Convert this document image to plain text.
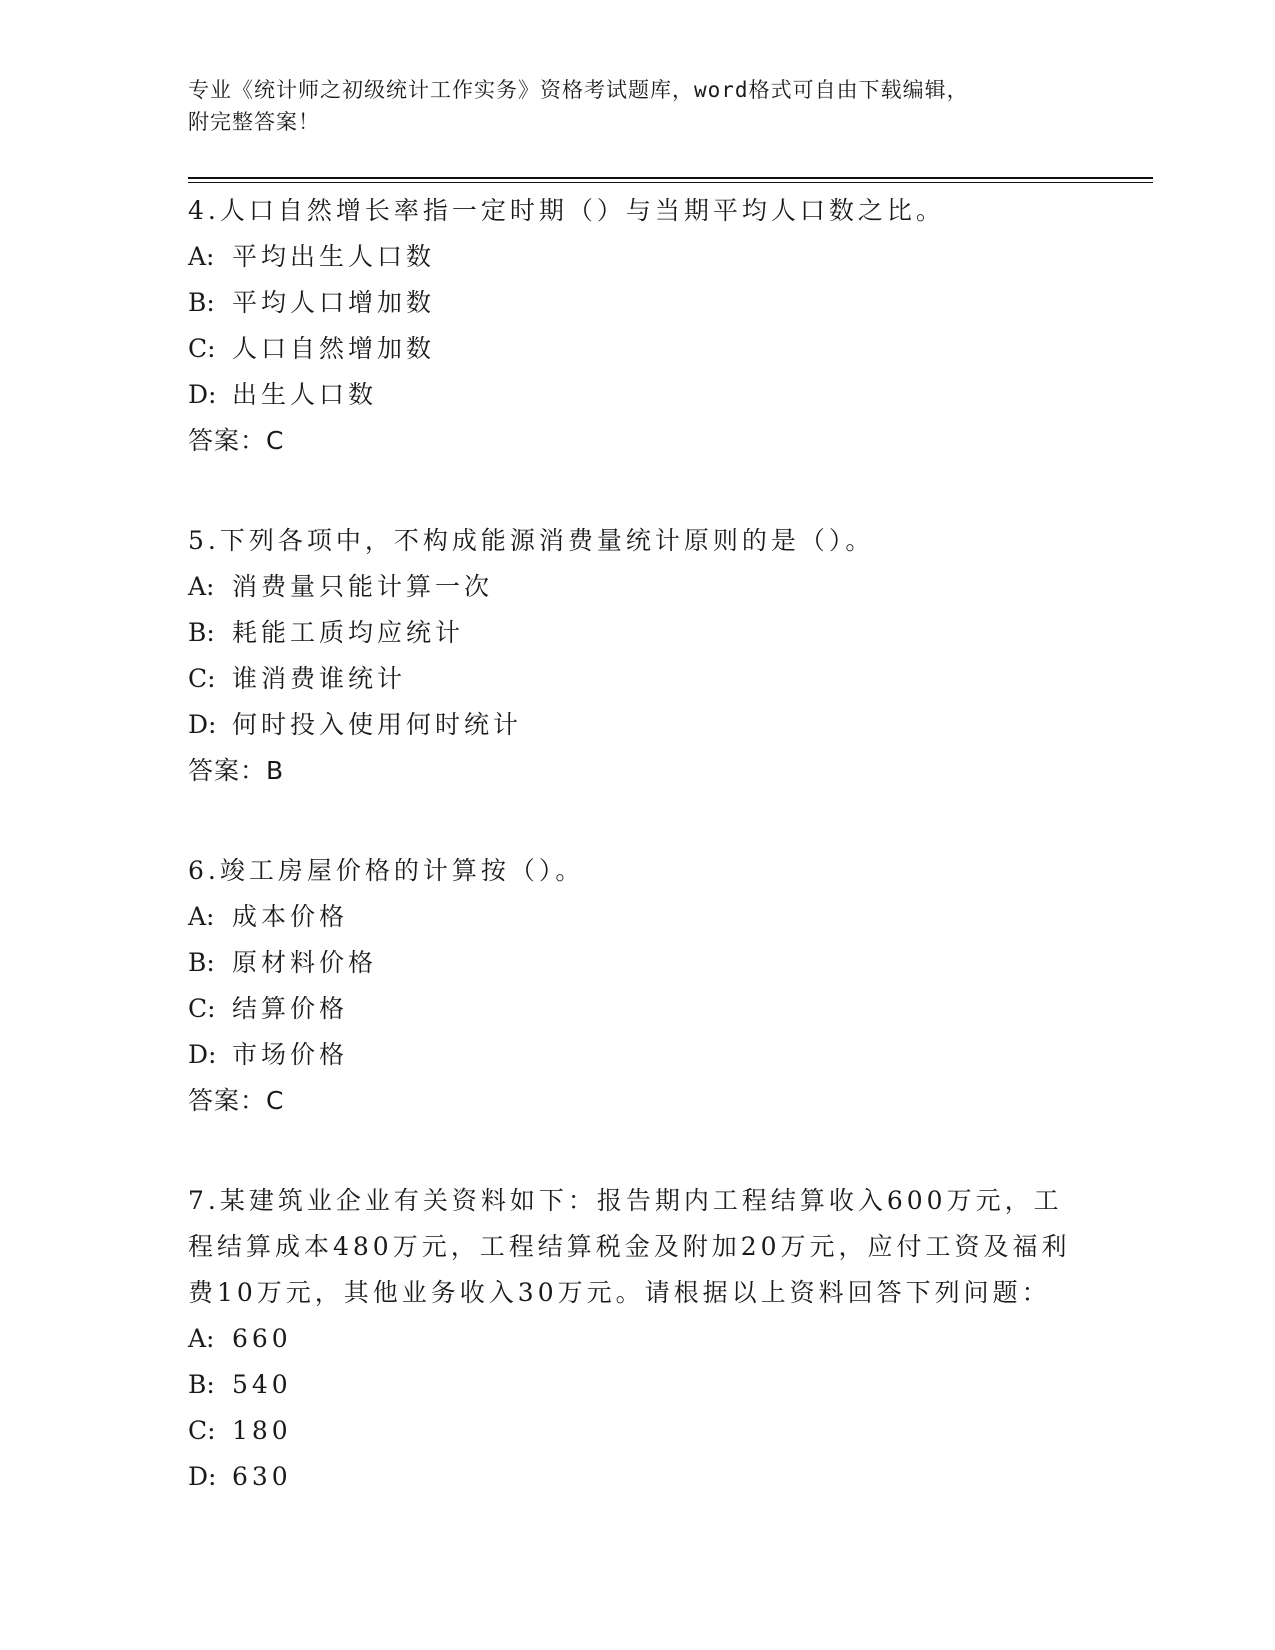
专业《统计师之初级统计工作实务》资格考试题库，word格式可自由下载编辑，
附完整答案！
4.人口自然增长率指一定时期（）与当期平均人口数之比。
A: 平均出生人口数
B: 平均人口增加数
C: 人口自然增加数
D: 出生人口数
答案：C
5.下列各项中，不构成能源消费量统计原则的是（）。
A: 消费量只能计算一次
B: 耗能工质均应统计
C: 谁消费谁统计
D: 何时投入使用何时统计
答案：B
6.竣工房屋价格的计算按（）。
A: 成本价格
B: 原材料价格
C: 结算价格
D: 市场价格
答案：C
7.某建筑业企业有关资料如下：报告期内工程结算收入600万元，工程结算成本480万元，工程结算税金及附加20万元，应付工资及福利费10万元，其他业务收入30万元。请根据以上资料回答下列问题：
A: 660
B: 540
C: 180
D: 630
